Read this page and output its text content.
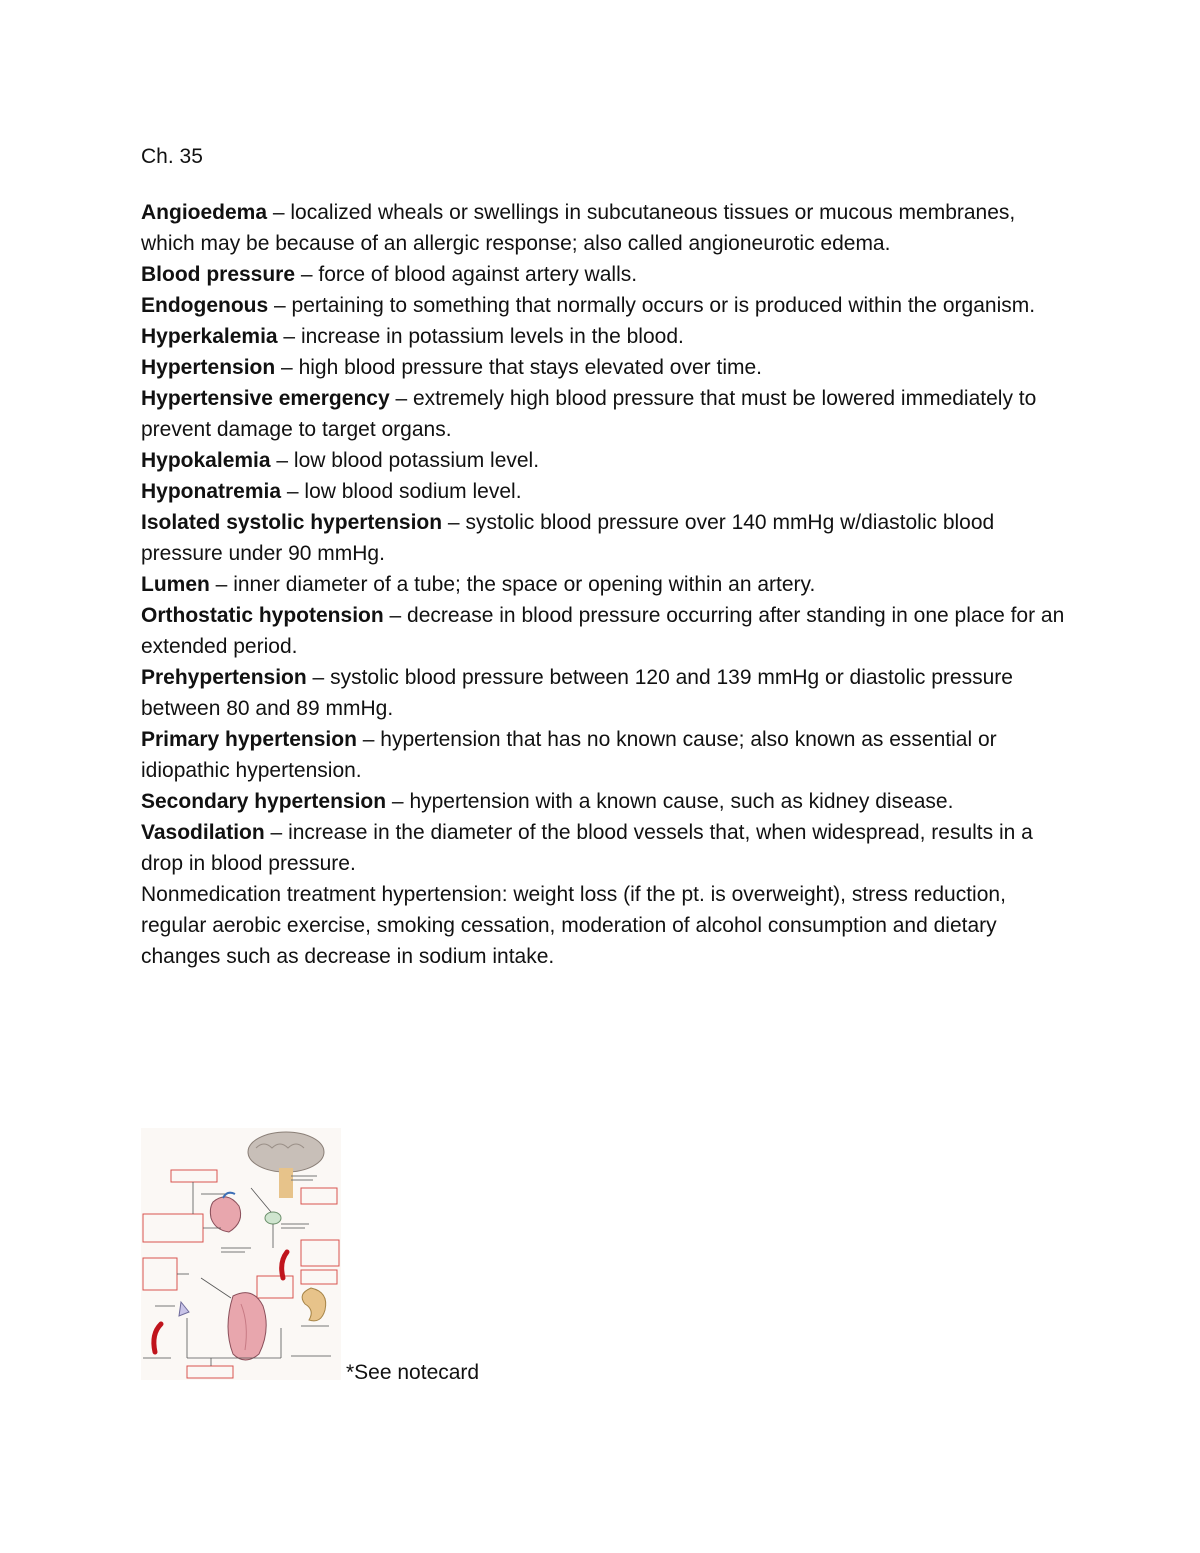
Ch. 35

Angioedema – localized wheals or swellings in subcutaneous tissues or mucous membranes, which may be because of an allergic response; also called angioneurotic edema.

Blood pressure – force of blood against artery walls.

Endogenous – pertaining to something that normally occurs or is produced within the organism.

Hyperkalemia – increase in potassium levels in the blood.

Hypertension – high blood pressure that stays elevated over time.

Hypertensive emergency – extremely high blood pressure that must be lowered immediately to prevent damage to target organs.

Hypokalemia – low blood potassium level.

Hyponatremia – low blood sodium level.

Isolated systolic hypertension – systolic blood pressure over 140 mmHg w/diastolic blood pressure under 90 mmHg.

Lumen – inner diameter of a tube; the space or opening within an artery.

Orthostatic hypotension – decrease in blood pressure occurring after standing in one place for an extended period.

Prehypertension – systolic blood pressure between 120 and 139 mmHg or diastolic pressure between 80 and 89 mmHg.

Primary hypertension – hypertension that has no known cause; also known as essential or idiopathic hypertension.

Secondary hypertension – hypertension with a known cause, such as kidney disease.

Vasodilation – increase in the diameter of the blood vessels that, when widespread, results in a drop in blood pressure.

Nonmedication treatment hypertension: weight loss (if the pt. is overweight), stress reduction, regular aerobic exercise, smoking cessation, moderation of alcohol consumption and dietary changes such as decrease in sodium intake.

*See notecard
